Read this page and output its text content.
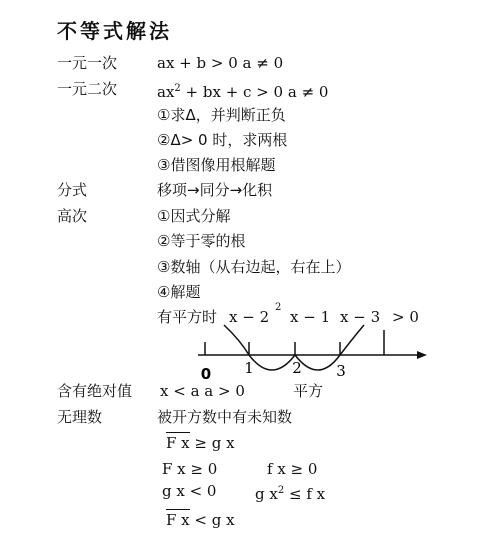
不等式解法
一元一次	ax + b > 0 a ≠ 0
一元二次	$ax^2$ + bx + c > 0 a ≠ 0
①求Δ，并判断正负
②Δ> 0 时，求两根
③借图像用根解题
分式	移项→同分→化积
高次	①因式分解
②等于零的根
③数轴（从右边起，右在上）
④解题
有平方时 x − 2
2
x − 1 x − 3 > 0
0 1	2 3
含有绝对值 x < a a > 0	平方
无理数	被开方数中有未知数
F x ≥ g x
F x ≥ 0	f x ≥ 0
g x < 0	g $x^2 \le f$ x
F x < g x
